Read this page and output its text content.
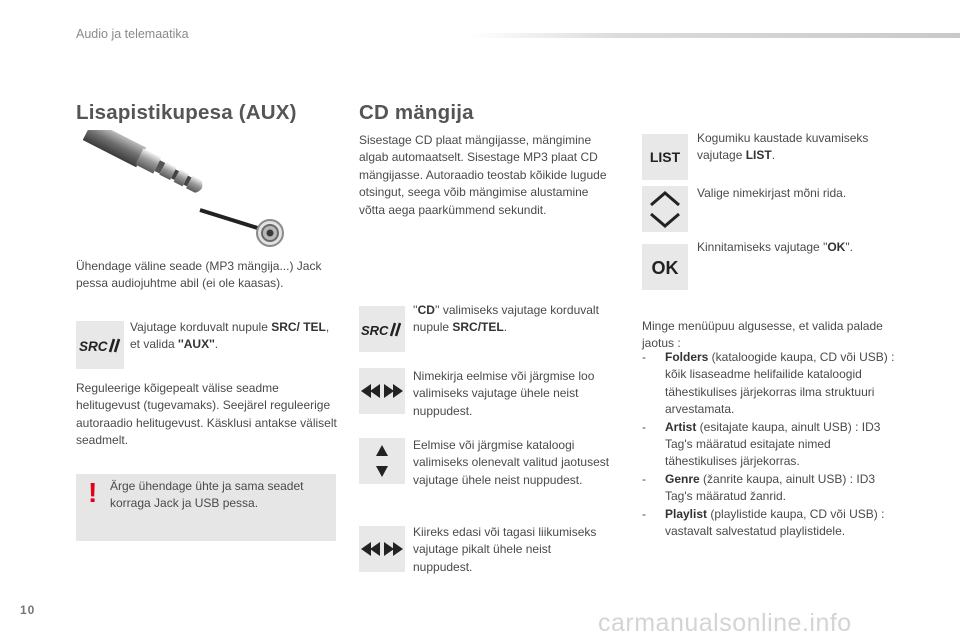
Audio ja telemaatika
Lisapistikupesa (AUX)
Ühendage väline seade (MP3 mängija...) Jack pessa audiojuhtme abil (ei ole kaasas).
SRC
Vajutage korduvalt nupule SRC/ TEL, et valida ''AUX''.
Reguleerige kõigepealt välise seadme helitugevust (tugevamaks). Seejärel reguleerige autoraadio helitugevust. Käsklusi antakse väliselt seadmelt.
! Ärge ühendage ühte ja sama seadet korraga Jack ja USB pessa.
CD mängija
Sisestage CD plaat mängijasse, mängimine algab automaatselt. Sisestage MP3 plaat CD mängijasse. Autoraadio teostab kõikide lugude otsingut, seega võib mängimise alustamine võtta aega paarkümmend sekundit.
SRC
''CD'' valimiseks vajutage korduvalt nupule SRC/TEL.
Nimekirja eelmise või järgmise loo valimiseks vajutage ühele neist nuppudest.
Eelmise või järgmise kataloogi valimiseks olenevalt valitud jaotusest vajutage ühele neist nuppudest.
Kiireks edasi või tagasi liikumiseks vajutage pikalt ühele neist nuppudest.
LIST
Kogumiku kaustade kuvamiseks vajutage LIST.
Valige nimekirjast mõni rida.
OK
Kinnitamiseks vajutage "OK".
Minge menüüpuu algusesse, et valida palade jaotus :
- Folders (kataloogide kaupa, CD või USB) : kõik lisaseadme helifailide kataloogid tähestikulises järjekorras ilma struktuuri arvestamata.
- Artist (esitajate kaupa, ainult USB) : ID3 Tag's määratud esitajate nimed tähestikulises järjekorras.
- Genre (žanrite kaupa, ainult USB) : ID3 Tag's määratud žanrid.
- Playlist (playlistide kaupa, CD või USB) : vastavalt salvestatud playlistidele.
10	carmanualsonline.info
